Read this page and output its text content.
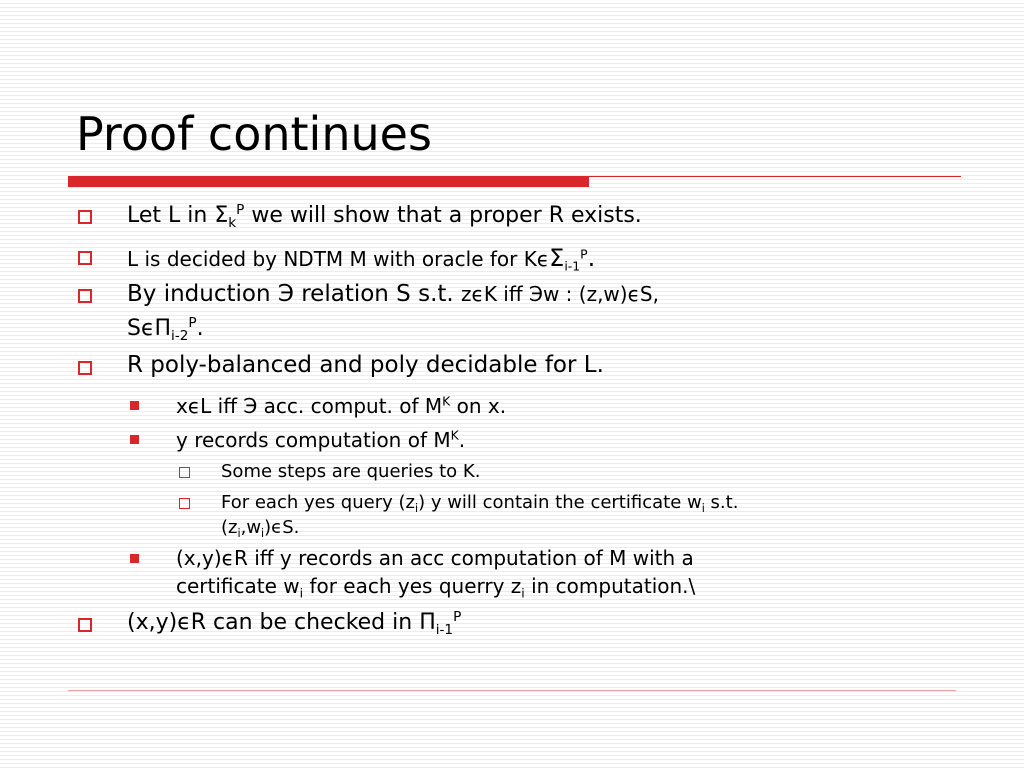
Proof continues
Let L in $\Sigma_k^P$ we will show that a proper R exists.
L is decided by NDTM M with oracle for KϵΣ$_{i-1}^P$.
By induction Э relation S s.t. zϵK iff Эw : (z,w)ϵS,
SϵΠ$_{i-2}^P$.
R poly-balanced and poly decidable for L.
xϵL iff Э acc. comput. of $M^K$ on x.
y records computation of $M^K$.
Some steps are queries to K.
For each yes query $(z_i)$ y will contain the certificate $w_i$ s.t.
$(z_i,w_i)\epsilon S$.
(x,y)ϵR iff y records an acc computation of M with a
certificate $w_i$ for each yes querry $z_i$ in computation.\
(x,y)ϵR can be checked in $\Pi_{i-1}^P$
